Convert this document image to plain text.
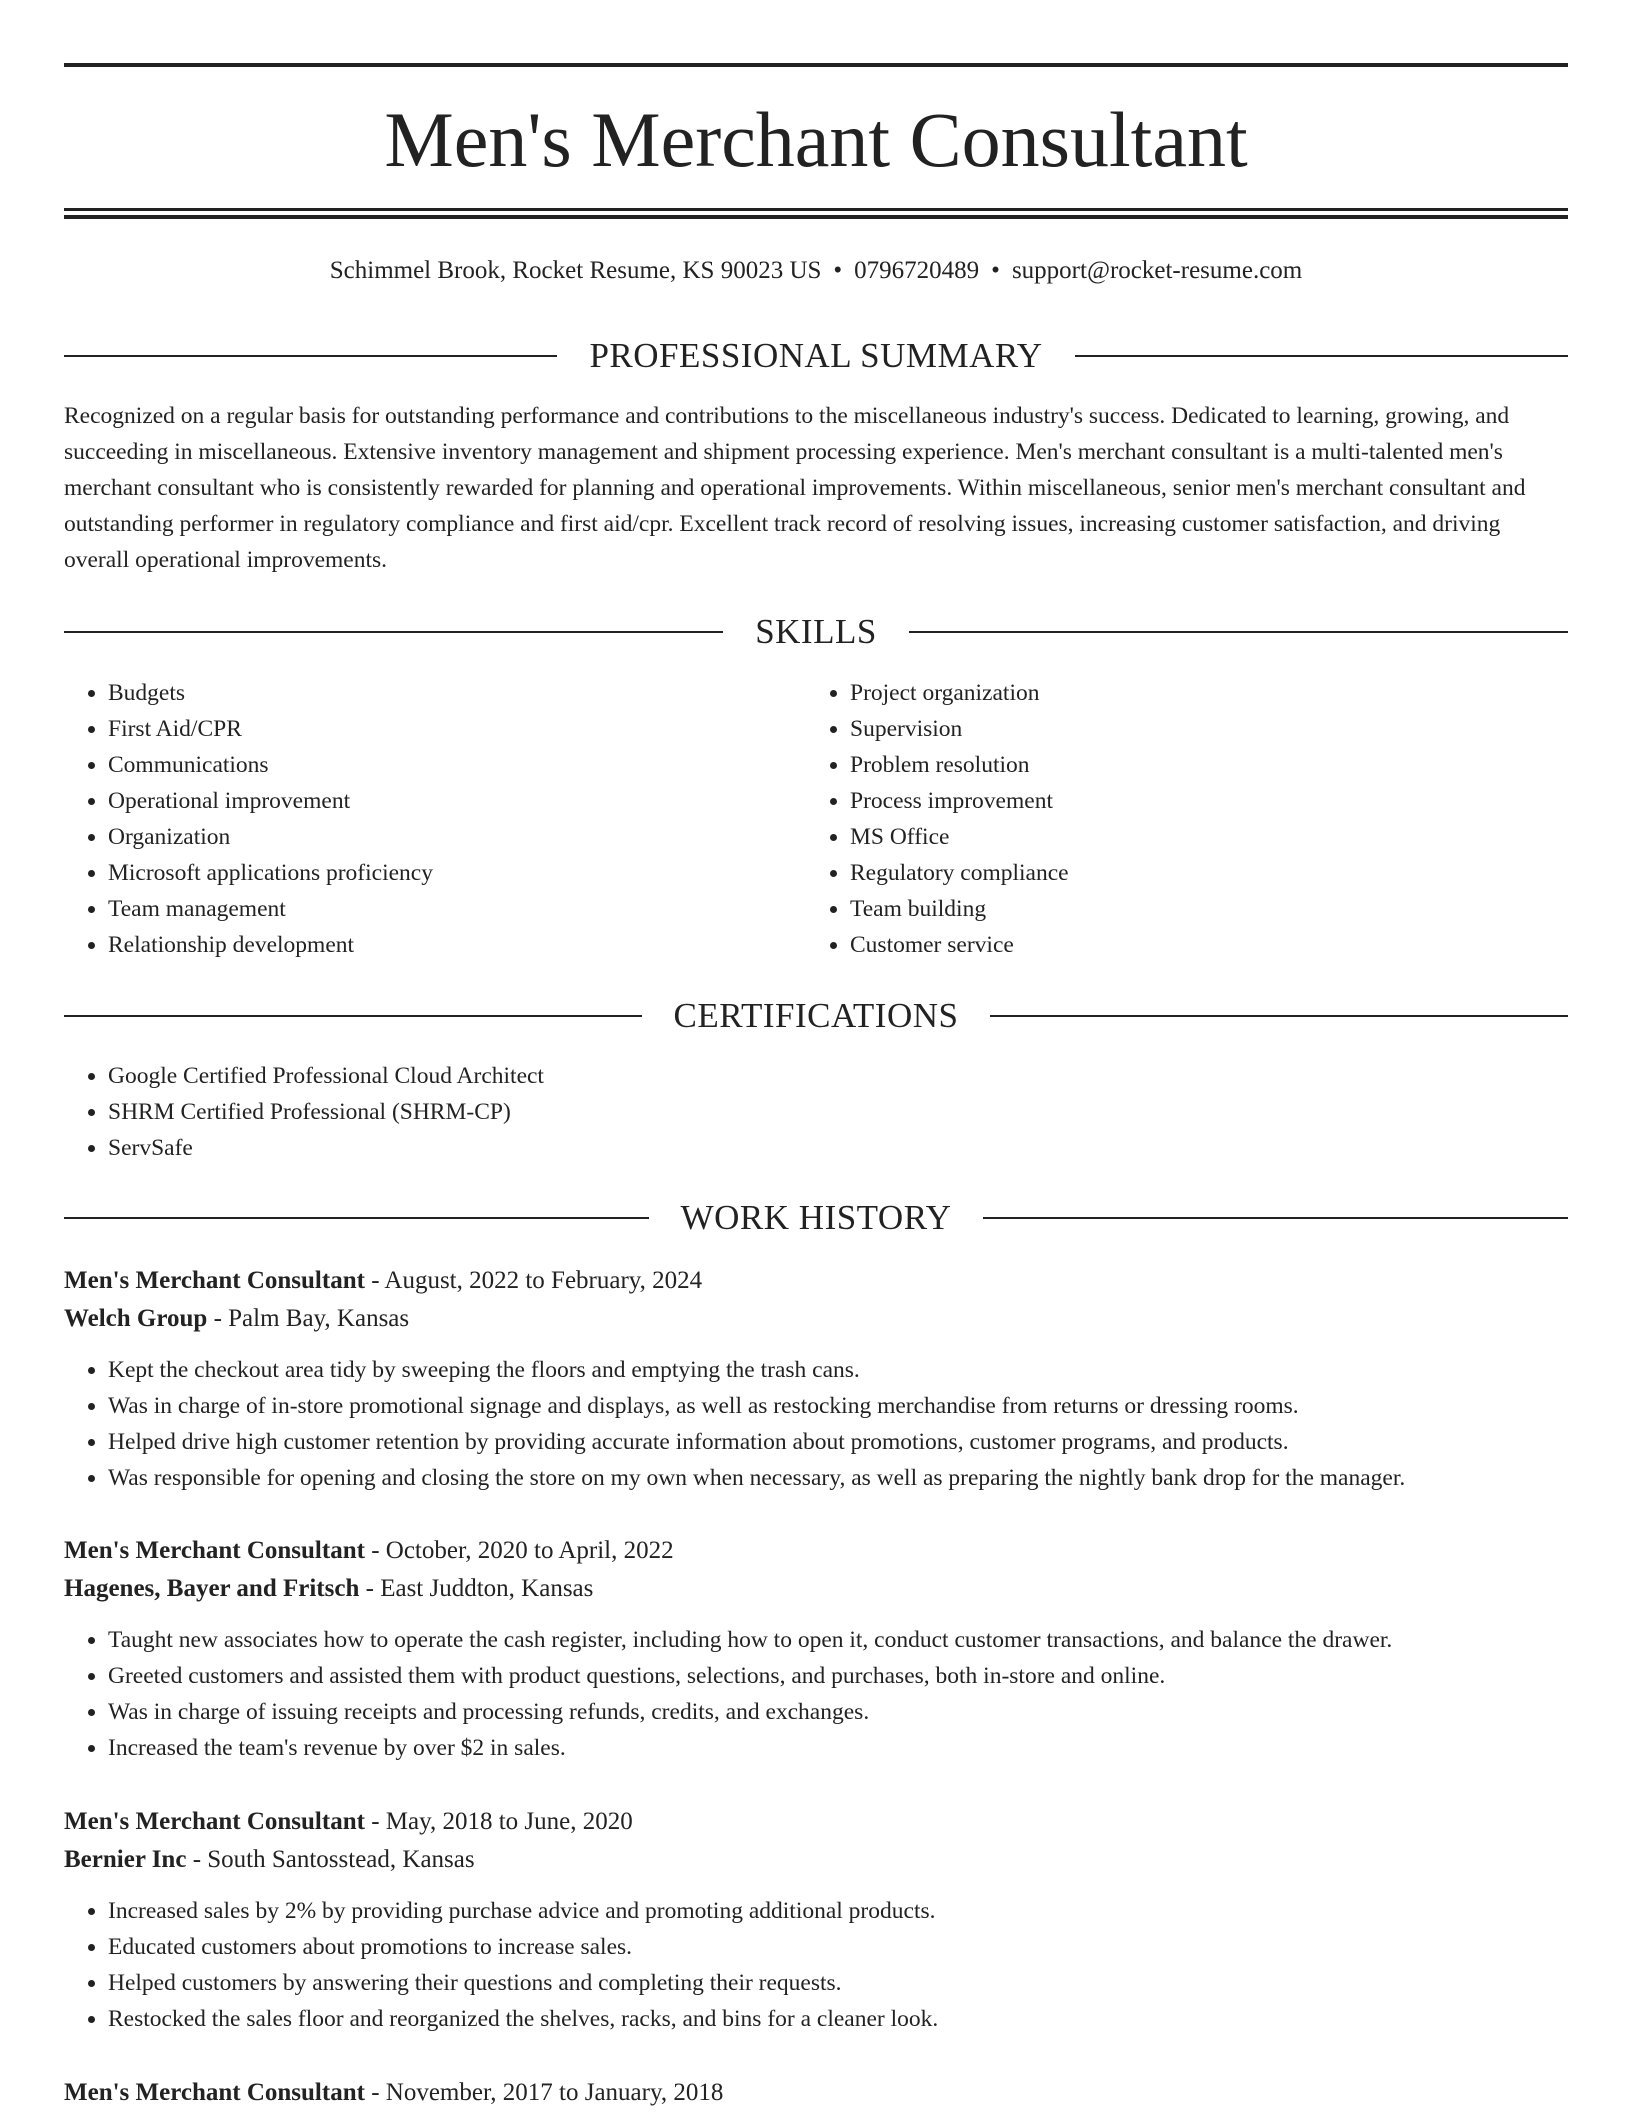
Men's Merchant Consultant
Schimmel Brook, Rocket Resume, KS 90023 US • 0796720489 • support@rocket-resume.com
PROFESSIONAL SUMMARY

Recognized on a regular basis for outstanding performance and contributions to the miscellaneous industry's success. Dedicated to learning, growing, and succeeding in miscellaneous. Extensive inventory management and shipment processing experience. Men's merchant consultant is a multi-talented men's merchant consultant who is consistently rewarded for planning and operational improvements. Within miscellaneous, senior men's merchant consultant and outstanding performer in regulatory compliance and first aid/cpr. Excellent track record of resolving issues, increasing customer satisfaction, and driving overall operational improvements.

SKILLS
• Budgets
• First Aid/CPR
• Communications
• Operational improvement
• Organization
• Microsoft applications proficiency
• Team management
• Relationship development
• Project organization
• Supervision
• Problem resolution
• Process improvement
• MS Office
• Regulatory compliance
• Team building
• Customer service
CERTIFICATIONS
• Google Certified Professional Cloud Architect
• SHRM Certified Professional (SHRM-CP)
• ServSafe
WORK HISTORY
Men's Merchant Consultant - August, 2022 to February, 2024
Welch Group - Palm Bay, Kansas
• Kept the checkout area tidy by sweeping the floors and emptying the trash cans.
• Was in charge of in-store promotional signage and displays, as well as restocking merchandise from returns or dressing rooms.
• Helped drive high customer retention by providing accurate information about promotions, customer programs, and products.
• Was responsible for opening and closing the store on my own when necessary, as well as preparing the nightly bank drop for the manager.
Men's Merchant Consultant - October, 2020 to April, 2022
Hagenes, Bayer and Fritsch - East Juddton, Kansas
• Taught new associates how to operate the cash register, including how to open it, conduct customer transactions, and balance the drawer.
• Greeted customers and assisted them with product questions, selections, and purchases, both in-store and online.
• Was in charge of issuing receipts and processing refunds, credits, and exchanges.
• Increased the team's revenue by over $2 in sales.
Men's Merchant Consultant - May, 2018 to June, 2020
Bernier Inc - South Santosstead, Kansas
• Increased sales by 2% by providing purchase advice and promoting additional products.
• Educated customers about promotions to increase sales.
• Helped customers by answering their questions and completing their requests.
• Restocked the sales floor and reorganized the shelves, racks, and bins for a cleaner look.
Men's Merchant Consultant - November, 2017 to January, 2018
